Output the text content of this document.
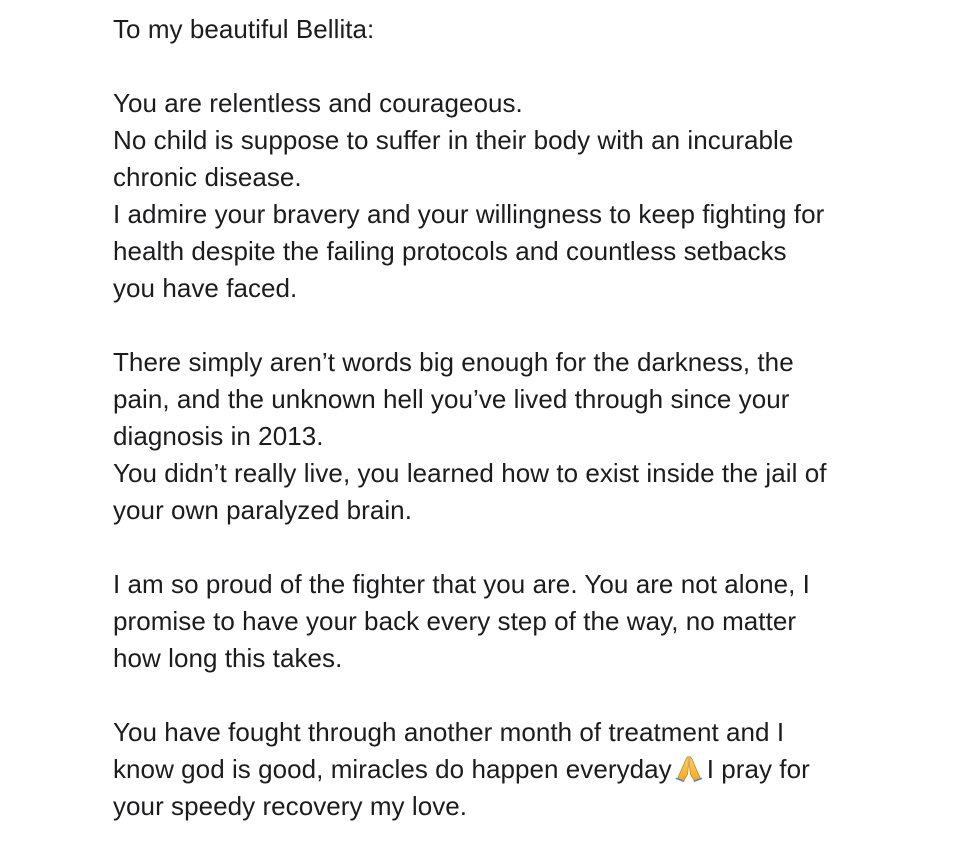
To my beautiful Bellita:
You are relentless and courageous.
No child is suppose to suffer in their body with an incurable
chronic disease.
I admire your bravery and your willingness to keep fighting for
health despite the failing protocols and countless setbacks
you have faced.
There simply aren’t words big enough for the darkness, the
pain, and the unknown hell you’ve lived through since your
diagnosis in 2013.
You didn’t really live, you learned how to exist inside the jail of
your own paralyzed brain.
I am so proud of the fighter that you are. You are not alone, I
promise to have your back every step of the way, no matter
how long this takes.
You have fought through another month of treatment and I
know god is good, miracles do happen everyday I pray for
your speedy recovery my love.
